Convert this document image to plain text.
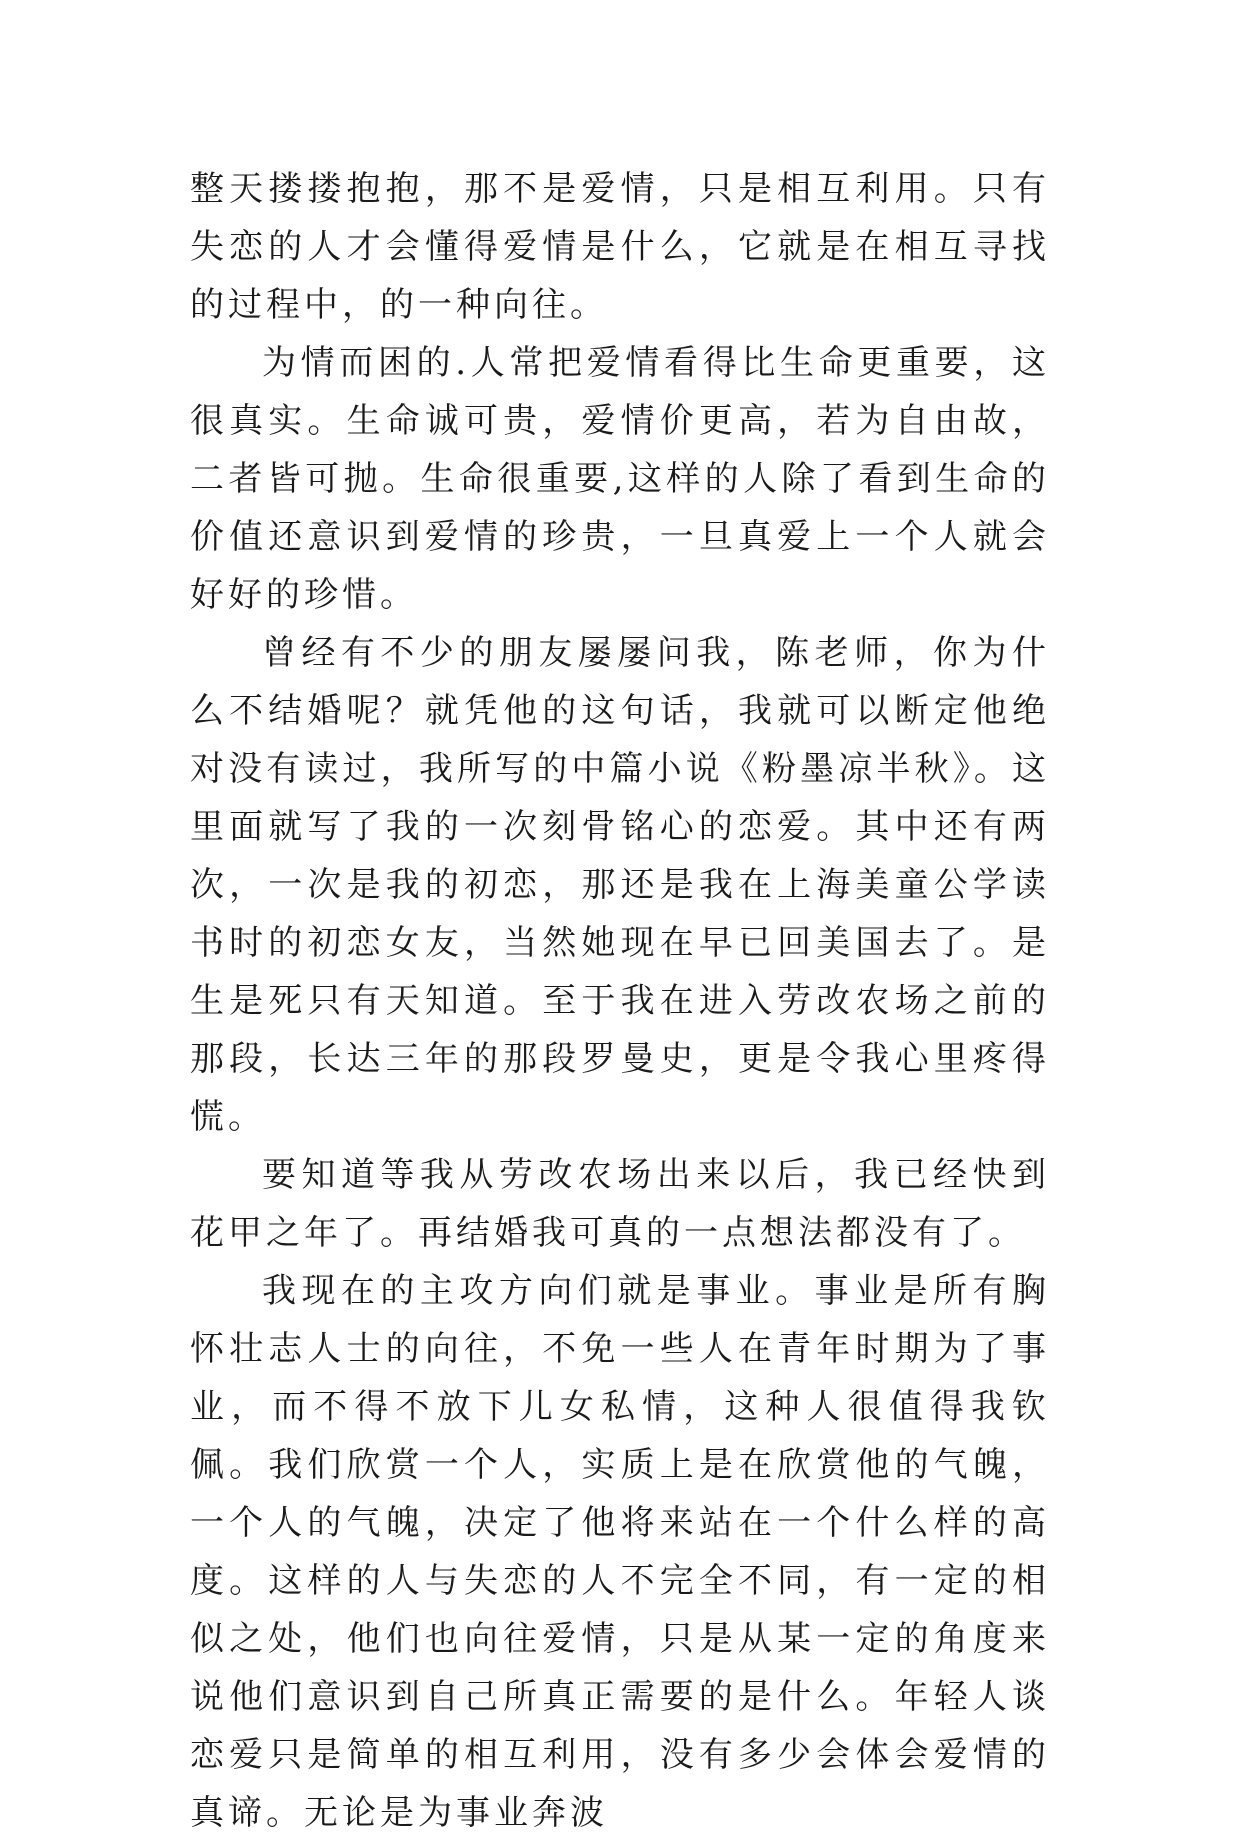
整天搂搂抱抱，那不是爱情，只是相互利用。只有失恋的人才会懂得爱情是什么，它就是在相互寻找的过程中，的一种向往。

为情而困的.人常把爱情看得比生命更重要，这很真实。生命诚可贵，爱情价更高，若为自由故，二者皆可抛。生命很重要,这样的人除了看到生命的价值还意识到爱情的珍贵，一旦真爱上一个人就会好好的珍惜。

曾经有不少的朋友屡屡问我，陈老师，你为什么不结婚呢？就凭他的这句话，我就可以断定他绝对没有读过，我所写的中篇小说《粉墨凉半秋》。这里面就写了我的一次刻骨铭心的恋爱。其中还有两次，一次是我的初恋，那还是我在上海美童公学读书时的初恋女友，当然她现在早已回美国去了。是生是死只有天知道。至于我在进入劳改农场之前的那段，长达三年的那段罗曼史，更是令我心里疼得慌。

要知道等我从劳改农场出来以后，我已经快到花甲之年了。再结婚我可真的一点想法都没有了。

我现在的主攻方向们就是事业。事业是所有胸怀壮志人士的向往，不免一些人在青年时期为了事业，而不得不放下儿女私情，这种人很值得我钦佩。我们欣赏一个人，实质上是在欣赏他的气魄，一个人的气魄，决定了他将来站在一个什么样的高度。这样的人与失恋的人不完全不同，有一定的相似之处，他们也向往爱情，只是从某一定的角度来说他们意识到自己所真正需要的是什么。年轻人谈恋爱只是简单的相互利用，没有多少会体会爱情的真谛。无论是为事业奔波
